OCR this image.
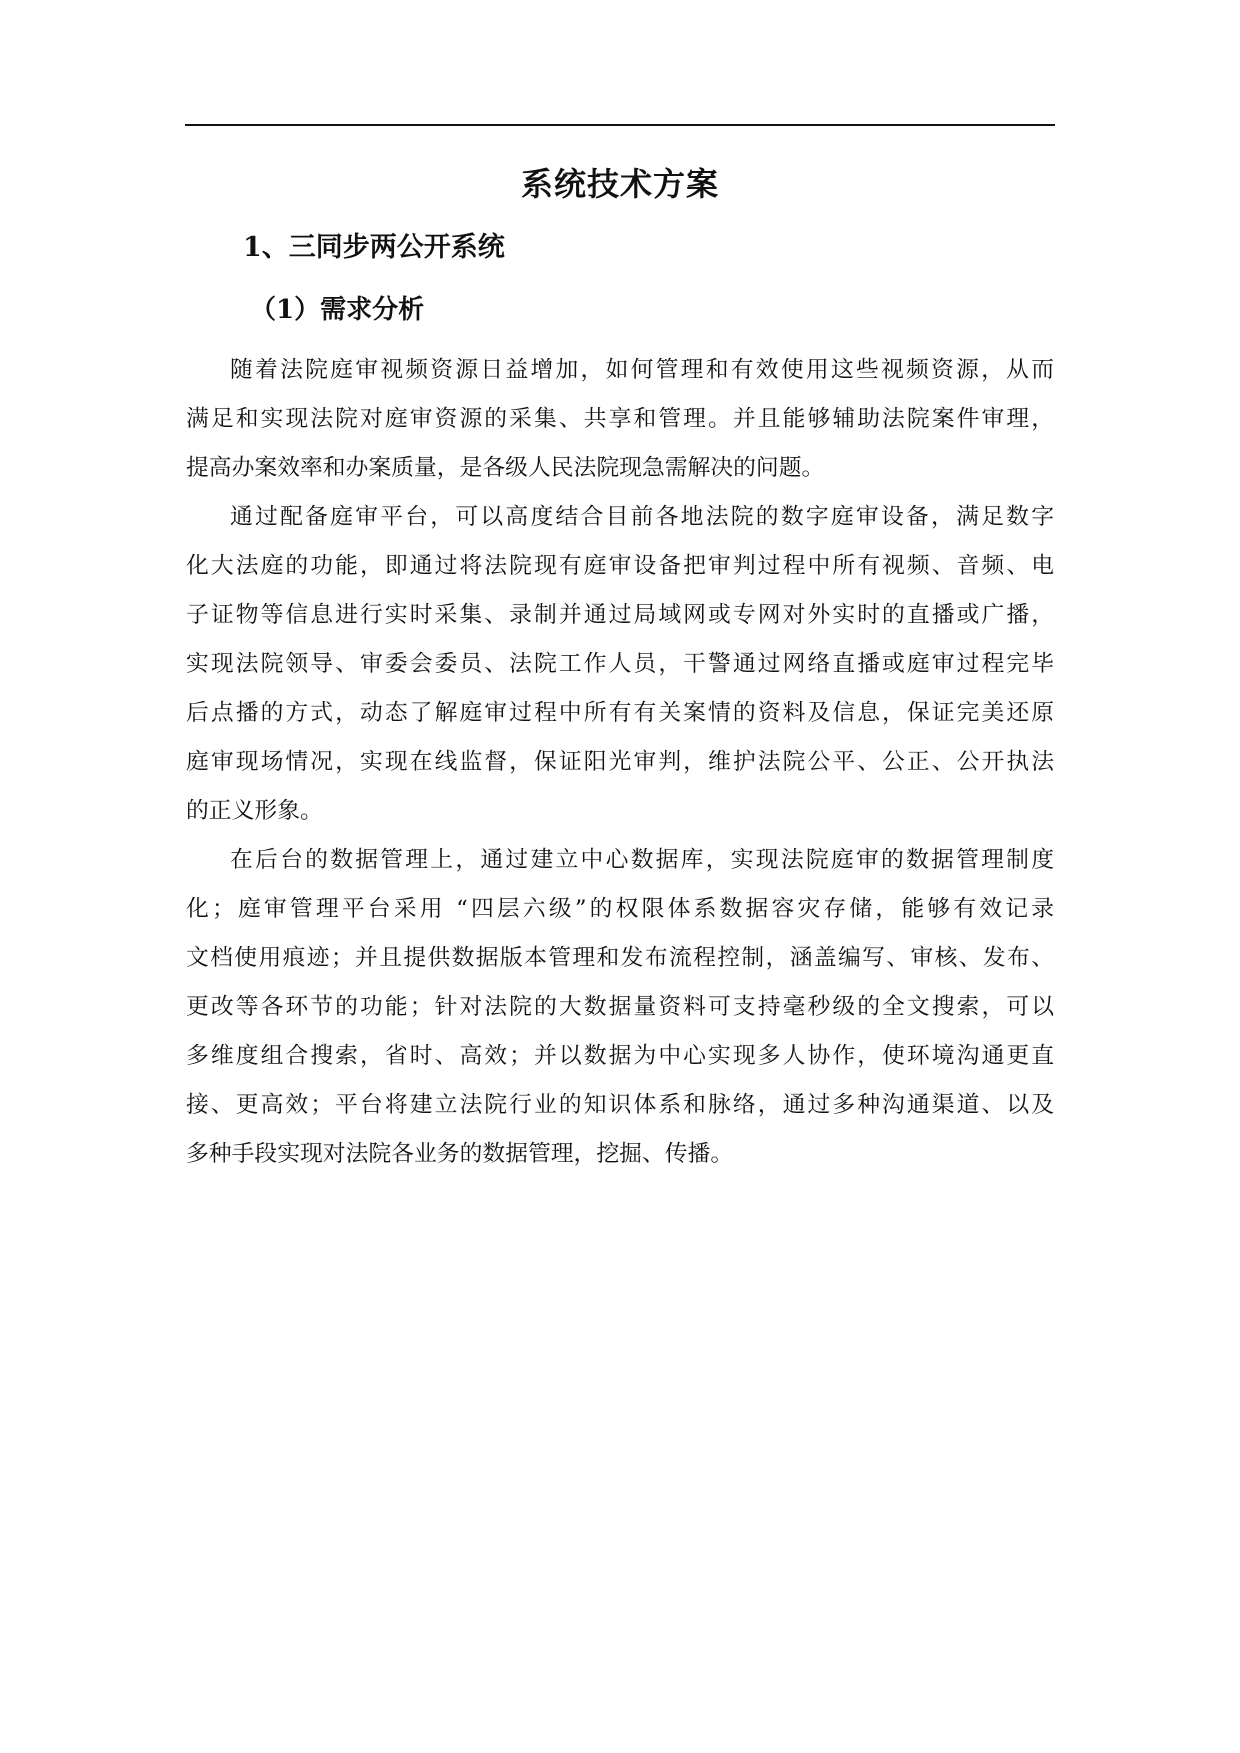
系统技术方案
1、三同步两公开系统
（1）需求分析

随着法院庭审视频资源日益增加，如何管理和有效使用这些视频资源，从而
满足和实现法院对庭审资源的采集、共享和管理。并且能够辅助法院案件审理，
提高办案效率和办案质量，是各级人民法院现急需解决的问题。

通过配备庭审平台，可以高度结合目前各地法院的数字庭审设备，满足数字
化大法庭的功能，即通过将法院现有庭审设备把审判过程中所有视频、音频、电
子证物等信息进行实时采集、录制并通过局域网或专网对外实时的直播或广播，
实现法院领导、审委会委员、法院工作人员，干警通过网络直播或庭审过程完毕
后点播的方式，动态了解庭审过程中所有有关案情的资料及信息，保证完美还原
庭审现场情况，实现在线监督，保证阳光审判，维护法院公平、公正、公开执法
的正义形象。

在后台的数据管理上，通过建立中心数据库，实现法院庭审的数据管理制度
化；庭审管理平台采用 “四层六级”的权限体系数据容灾存储，能够有效记录
文档使用痕迹；并且提供数据版本管理和发布流程控制，涵盖编写、审核、发布、
更改等各环节的功能；针对法院的大数据量资料可支持毫秒级的全文搜索，可以
多维度组合搜索，省时、高效；并以数据为中心实现多人协作，使环境沟通更直
接、更高效；平台将建立法院行业的知识体系和脉络，通过多种沟通渠道、以及
多种手段实现对法院各业务的数据管理，挖掘、传播。
